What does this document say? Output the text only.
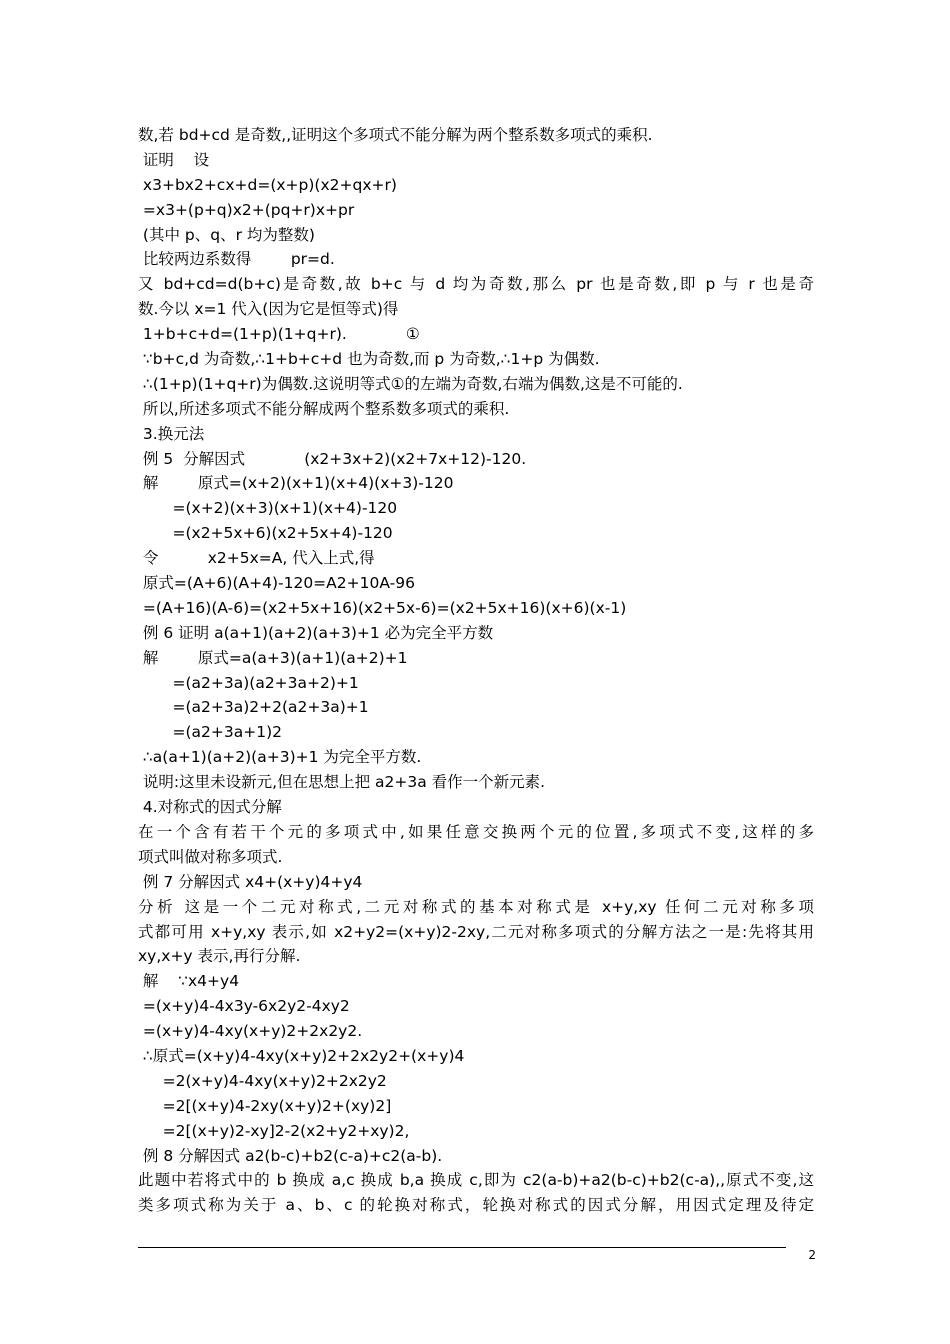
数,若 bd+cd 是奇数,,证明这个多项式不能分解为两个整系数多项式的乘积.
证明    设
x3+bx2+cx+d=(x+p)(x2+qx+r)
=x3+(p+q)x2+(pq+r)x+pr
(其中 p、q、r 均为整数)
比较两边系数得        pr=d.
又 bd+cd=d(b+c)是奇数,故 b+c 与 d 均为奇数,那么 pr 也是奇数,即 p 与 r 也是奇
数.今以 x=1 代入(因为它是恒等式)得
1+b+c+d=(1+p)(1+q+r).            ①
∵b+c,d 为奇数,∴1+b+c+d 也为奇数,而 p 为奇数,∴1+p 为偶数.
∴(1+p)(1+q+r)为偶数.这说明等式①的左端为奇数,右端为偶数,这是不可能的.
所以,所述多项式不能分解成两个整系数多项式的乘积.
3.换元法
例 5  分解因式            (x2+3x+2)(x2+7x+12)-120.
解        原式=(x+2)(x+1)(x+4)(x+3)-120
=(x+2)(x+3)(x+1)(x+4)-120
=(x2+5x+6)(x2+5x+4)-120
令          x2+5x=A, 代入上式,得
原式=(A+6)(A+4)-120=A2+10A-96
=(A+16)(A-6)=(x2+5x+16)(x2+5x-6)=(x2+5x+16)(x+6)(x-1)
例 6 证明 a(a+1)(a+2)(a+3)+1 必为完全平方数
解        原式=a(a+3)(a+1)(a+2)+1
=(a2+3a)(a2+3a+2)+1
=(a2+3a)2+2(a2+3a)+1
=(a2+3a+1)2
∴a(a+1)(a+2)(a+3)+1 为完全平方数.
说明:这里未设新元,但在思想上把 a2+3a 看作一个新元素.
4.对称式的因式分解
在一个含有若干个元的多项式中,如果任意交换两个元的位置,多项式不变,这样的多
项式叫做对称多项式.
例 7 分解因式 x4+(x+y)4+y4
分析 这是一个二元对称式,二元对称式的基本对称式是 x+y,xy 任何二元对称多项
式都可用 x+y,xy 表示,如 x2+y2=(x+y)2-2xy,二元对称多项式的分解方法之一是:先将其用
xy,x+y 表示,再行分解.
解    ∵x4+y4
=(x+y)4-4x3y-6x2y2-4xy2
=(x+y)4-4xy(x+y)2+2x2y2.
∴原式=(x+y)4-4xy(x+y)2+2x2y2+(x+y)4
=2(x+y)4-4xy(x+y)2+2x2y2
=2[(x+y)4-2xy(x+y)2+(xy)2]
=2[(x+y)2-xy]2-2(x2+y2+xy)2,
例 8 分解因式 a2(b-c)+b2(c-a)+c2(a-b).
此题中若将式中的 b 换成 a,c 换成 b,a 换成 c,即为 c2(a-b)+a2(b-c)+b2(c-a),,原式不变,这
类多项式称为关于 a、b、c 的轮换对称式，轮换对称式的因式分解，用因式定理及待定
2
